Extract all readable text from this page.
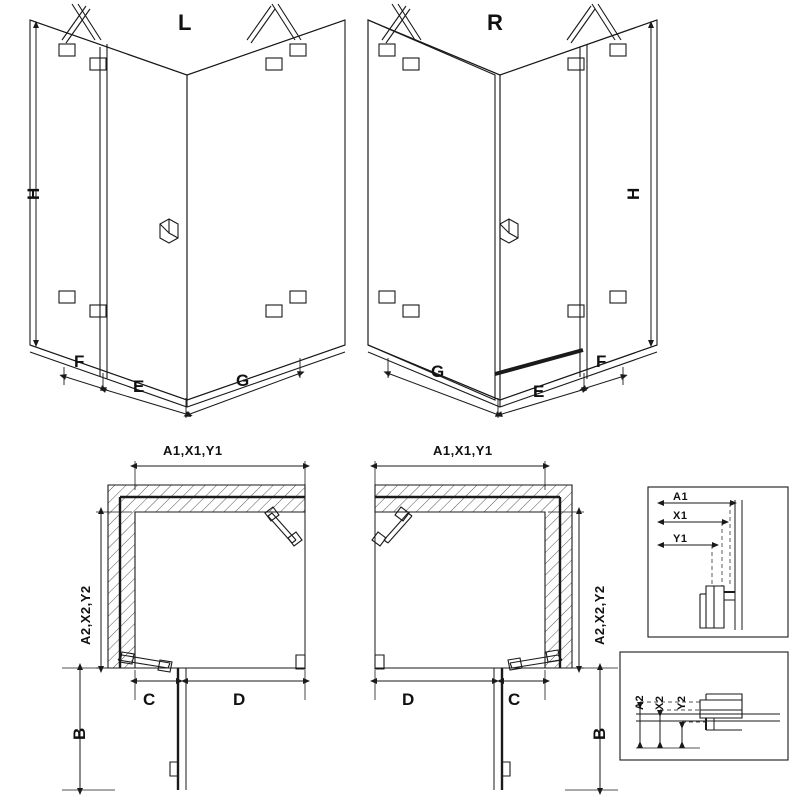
L	R
H	H
F
E	G	G
E
F
A1,X1,Y1
A2,X2,Y2
C	D
B
A1,X1,Y1
A2,X2,Y2
D	C
B
A1
X1
Y1
A2 X2 Y2
